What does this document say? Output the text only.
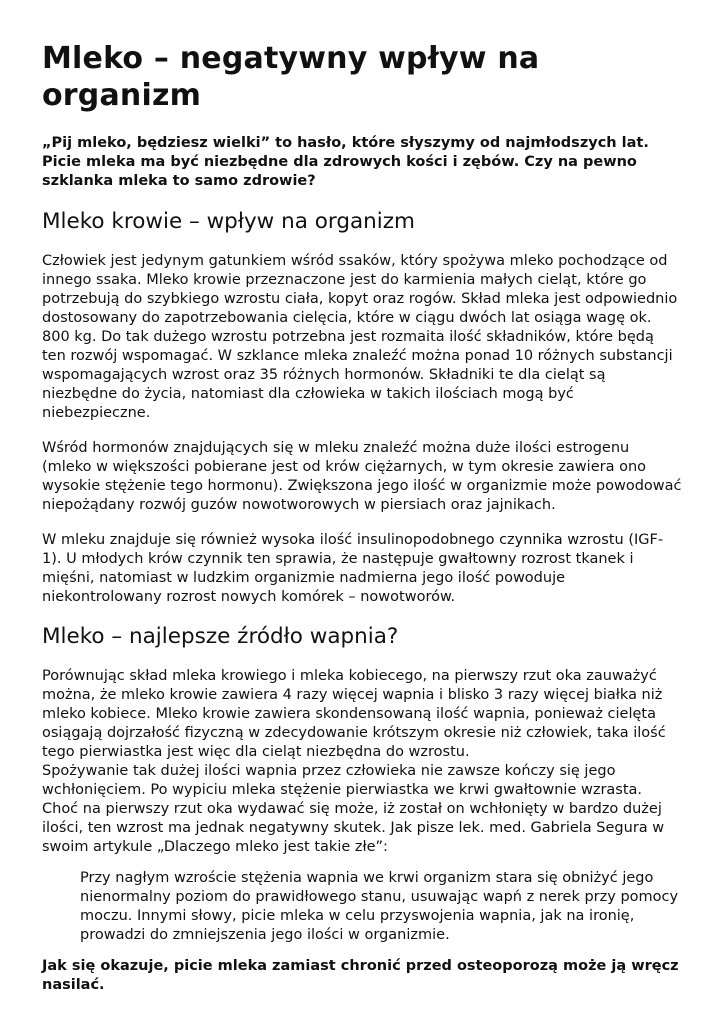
Mleko – negatywny wpływ na organizm

„Pij mleko, będziesz wielki” to hasło, które słyszymy od najmłodszych lat. Picie mleka ma być niezbędne dla zdrowych kości i zębów. Czy na pewno szklanka mleka to samo zdrowie?

Mleko krowie – wpływ na organizm

Człowiek jest jedynym gatunkiem wśród ssaków, który spożywa mleko pochodzące od innego ssaka. Mleko krowie przeznaczone jest do karmienia małych cieląt, które go potrzebują do szybkiego wzrostu ciała, kopyt oraz rogów. Skład mleka jest odpowiednio dostosowany do zapotrzebowania cielęcia, które w ciągu dwóch lat osiąga wagę ok. 800 kg. Do tak dużego wzrostu potrzebna jest rozmaita ilość składników, które będą ten rozwój wspomagać. W szklance mleka znaleźć można ponad 10 różnych substancji wspomagających wzrost oraz 35 różnych hormonów. Składniki te dla cieląt są niezbędne do życia, natomiast dla człowieka w takich ilościach mogą być niebezpieczne.

Wśród hormonów znajdujących się w mleku znaleźć można duże ilości estrogenu (mleko w większości pobierane jest od krów ciężarnych, w tym okresie zawiera ono wysokie stężenie tego hormonu). Zwiększona jego ilość w organizmie może powodować niepożądany rozwój guzów nowotworowych w piersiach oraz jajnikach.

W mleku znajduje się również wysoka ilość insulinopodobnego czynnika wzrostu (IGF-1). U młodych krów czynnik ten sprawia, że następuje gwałtowny rozrost tkanek i mięśni, natomiast w ludzkim organizmie nadmierna jego ilość powoduje niekontrolowany rozrost nowych komórek – nowotworów.

Mleko – najlepsze źródło wapnia?

Porównując skład mleka krowiego i mleka kobiecego, na pierwszy rzut oka zauważyć można, że mleko krowie zawiera 4 razy więcej wapnia i blisko 3 razy więcej białka niż mleko kobiece. Mleko krowie zawiera skondensowaną ilość wapnia, ponieważ cielęta osiągają dojrzałość fizyczną w zdecydowanie krótszym okresie niż człowiek, taka ilość tego pierwiastka jest więc dla cieląt niezbędna do wzrostu.

Spożywanie tak dużej ilości wapnia przez człowieka nie zawsze kończy się jego wchłonięciem. Po wypiciu mleka stężenie pierwiastka we krwi gwałtownie wzrasta. Choć na pierwszy rzut oka wydawać się może, iż został on wchłonięty w bardzo dużej ilości, ten wzrost ma jednak negatywny skutek. Jak pisze lek. med. Gabriela Segura w swoim artykule „Dlaczego mleko jest takie złe”:

Przy nagłym wzroście stężenia wapnia we krwi organizm stara się obniżyć jego nienormalny poziom do prawidłowego stanu, usuwając wapń z nerek przy pomocy moczu. Innymi słowy, picie mleka w celu przyswojenia wapnia, jak na ironię, prowadzi do zmniejszenia jego ilości w organizmie.

Jak się okazuje, picie mleka zamiast chronić przed osteoporozą może ją wręcz nasilać.
